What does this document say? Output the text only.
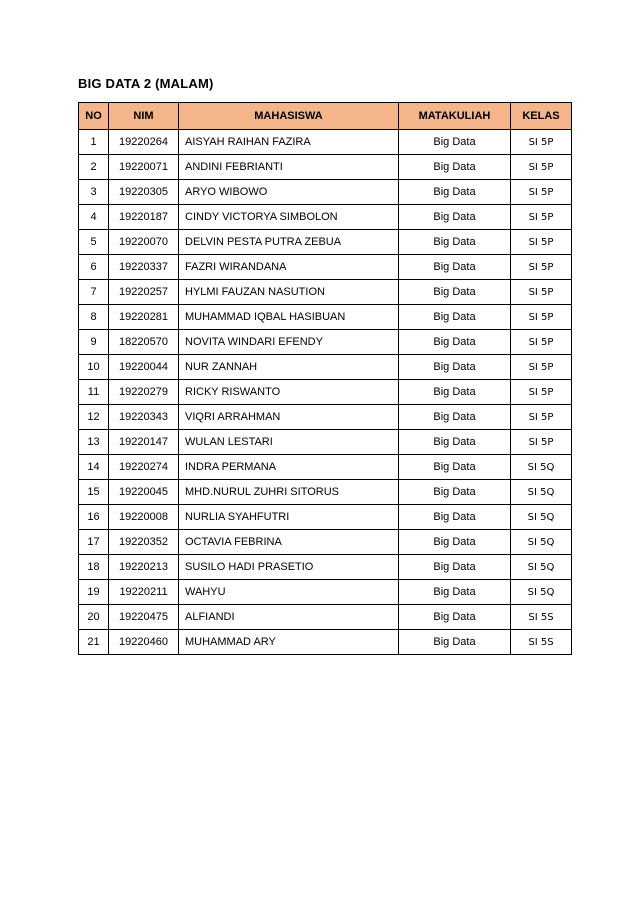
BIG DATA 2 (MALAM)
NO	NIM	MAHASISWA	MATAKULIAH	KELAS
1	19220264	AISYAH RAIHAN FAZIRA	Big Data	SI 5P
2	19220071	ANDINI FEBRIANTI	Big Data	SI 5P
3	19220305	ARYO WIBOWO	Big Data	SI 5P
4	19220187	CINDY VICTORYA SIMBOLON	Big Data	SI 5P
5	19220070	DELVIN PESTA PUTRA ZEBUA	Big Data	SI 5P
6	19220337	FAZRI WIRANDANA	Big Data	SI 5P
7	19220257	HYLMI FAUZAN NASUTION	Big Data	SI 5P
8	19220281	MUHAMMAD IQBAL HASIBUAN	Big Data	SI 5P
9	18220570	NOVITA WINDARI EFENDY	Big Data	SI 5P
10	19220044	NUR ZANNAH	Big Data	SI 5P
11	19220279	RICKY RISWANTO	Big Data	SI 5P
12	19220343	VIQRI ARRAHMAN	Big Data	SI 5P
13	19220147	WULAN LESTARI	Big Data	SI 5P
14	19220274	INDRA PERMANA	Big Data	SI 5Q
15	19220045	MHD.NURUL ZUHRI SITORUS	Big Data	SI 5Q
16	19220008	NURLIA SYAHFUTRI	Big Data	SI 5Q
17	19220352	OCTAVIA FEBRINA	Big Data	SI 5Q
18	19220213	SUSILO HADI PRASETIO	Big Data	SI 5Q
19	19220211	WAHYU	Big Data	SI 5Q
20	19220475	ALFIANDI	Big Data	SI 5S
21	19220460	MUHAMMAD ARY	Big Data	SI 5S
